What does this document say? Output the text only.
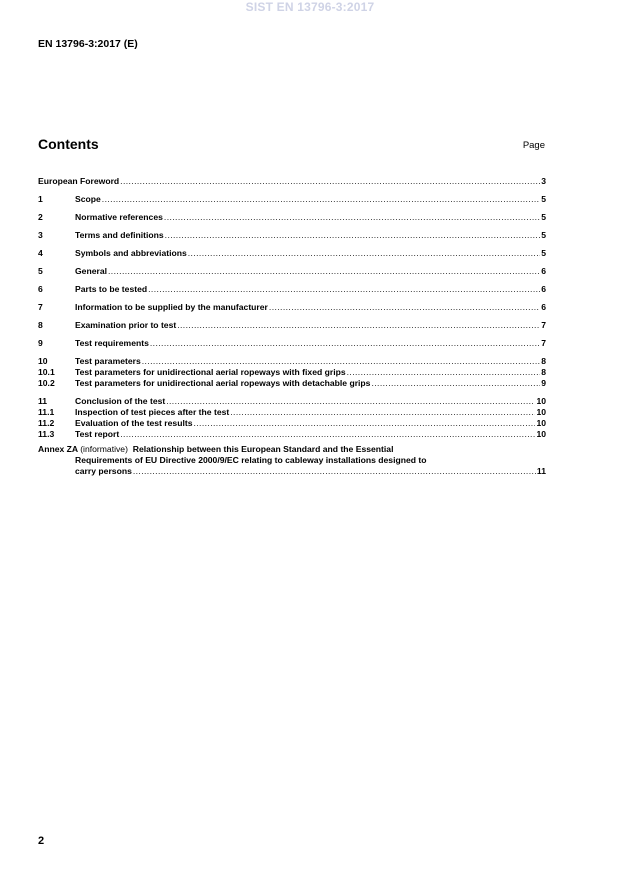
SIST EN 13796-3:2017
EN 13796-3:2017 (E)
Contents	Page
European Foreword .....	3
1	Scope .....	5
2	Normative references .....	5
3	Terms and definitions .....	5
4	Symbols and abbreviations .....	5
5	General .....	6
6	Parts to be tested .....	6
7	Information to be supplied by the manufacturer .....	6
8	Examination prior to test .....	7
9	Test requirements .....	7
10	Test parameters .....	8
10.1	Test parameters for unidirectional aerial ropeways with fixed grips .....	8
10.2	Test parameters for unidirectional aerial ropeways with detachable grips .....	9
11	Conclusion of the test .....	10
11.1	Inspection of test pieces after the test .....	10
11.2	Evaluation of the test results .....	10
11.3	Test report .....	10
Annex ZA (informative) Relationship between this European Standard and the Essential
Requirements of EU Directive 2000/9/EC relating to cableway installations designed to
carry persons .....	11
2
